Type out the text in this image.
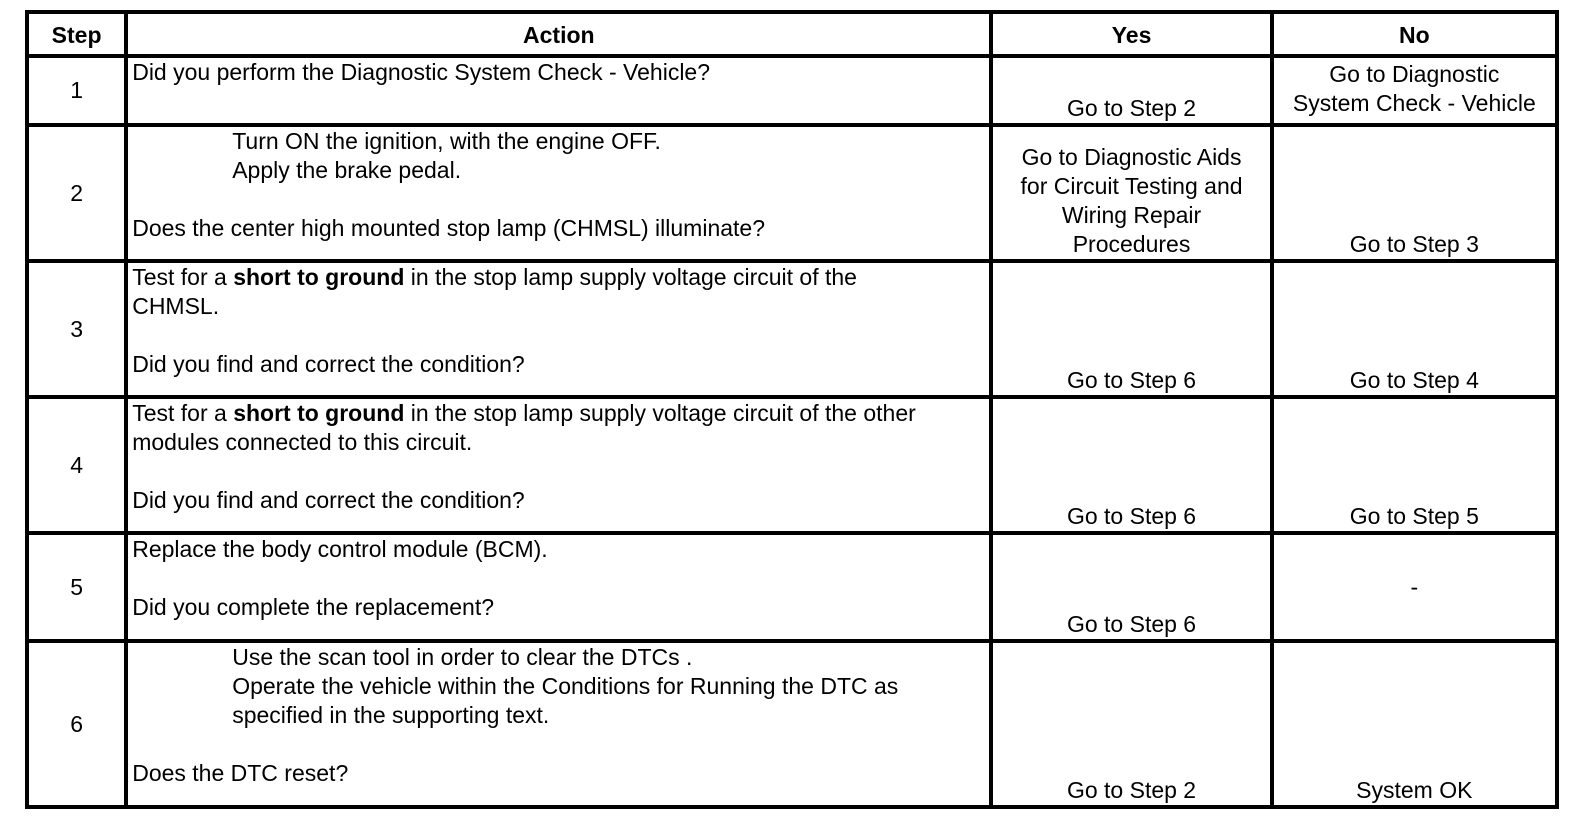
Step	Action	Yes	No
1	Did you perform the Diagnostic System Check - Vehicle?	Go to Step 2	Go to Diagnostic
System Check - Vehicle

2	Turn ON the ignition, with the engine OFF.
Apply the brake pedal.
Does the center high mounted stop lamp (CHMSL) illuminate?	Go to Diagnostic Aids
for Circuit Testing and
Wiring Repair
Procedures	Go to Step 3

3	Test for a short to ground in the stop lamp supply voltage circuit of the
CHMSL.
Did you find and correct the condition?	Go to Step 6	Go to Step 4

4	Test for a short to ground in the stop lamp supply voltage circuit of the other
modules connected to this circuit.
Did you find and correct the condition?	Go to Step 6	Go to Step 5

5	Replace the body control module (BCM).
Did you complete the replacement?	Go to Step 6	-

6	Use the scan tool in order to clear the DTCs .
Operate the vehicle within the Conditions for Running the DTC as
specified in the supporting text.
Does the DTC reset?	Go to Step 2	System OK
